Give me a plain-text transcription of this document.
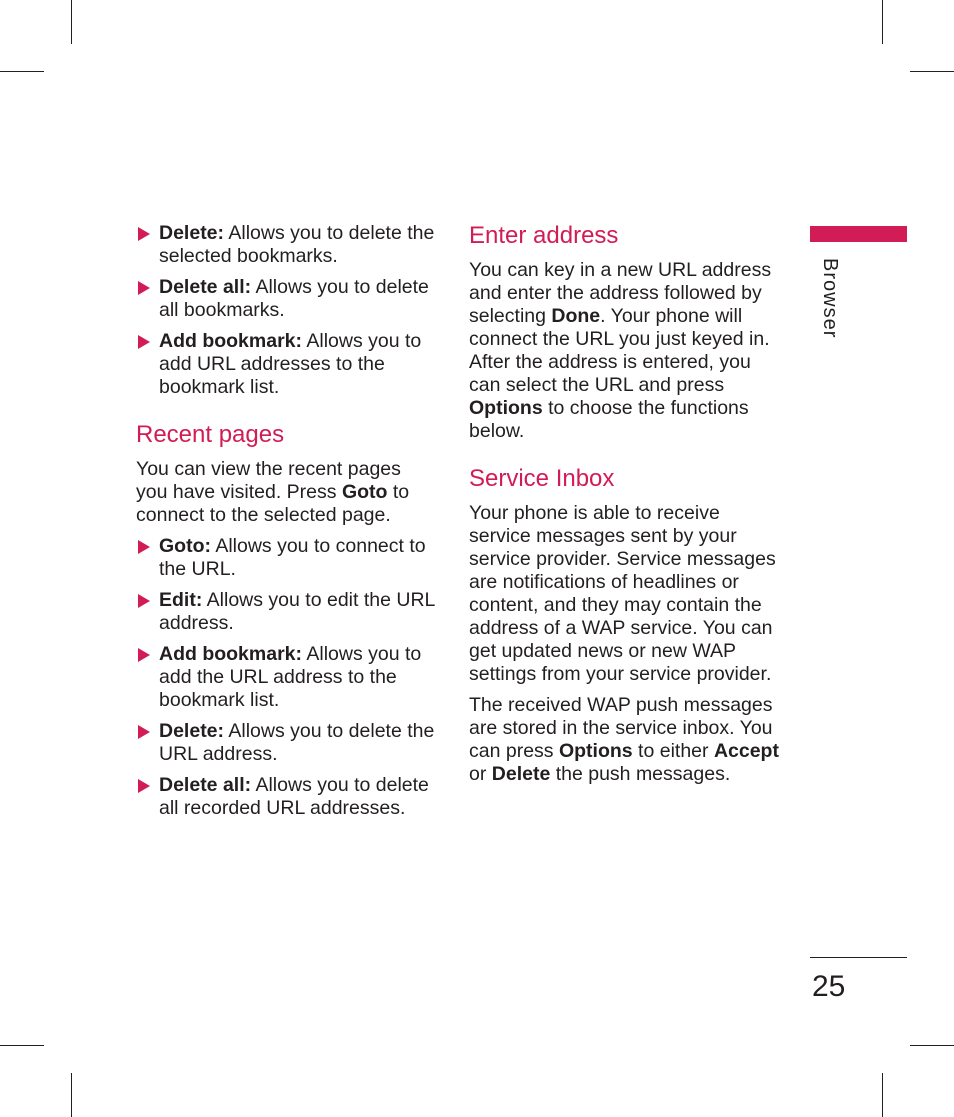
Delete: Allows you to delete the selected bookmarks.
Delete all: Allows you to delete all bookmarks.
Add bookmark: Allows you to add URL addresses to the bookmark list.
Recent pages

You can view the recent pages you have visited. Press Goto to connect to the selected page.

Goto: Allows you to connect to the URL.
Edit: Allows you to edit the URL address.
Add bookmark: Allows you to add the URL address to the bookmark list.
Delete: Allows you to delete the URL address.
Delete all: Allows you to delete all recorded URL addresses.
Enter address

You can key in a new URL address and enter the address followed by selecting Done. Your phone will connect the URL you just keyed in. After the address is entered, you can select the URL and press Options to choose the functions below.

Service Inbox

Your phone is able to receive service messages sent by your service provider. Service messages are notifications of headlines or content, and they may contain the address of a WAP service. You can get updated news or new WAP settings from your service provider.

The received WAP push messages are stored in the service inbox. You can press Options to either Accept or Delete the push messages.

Browser
25
